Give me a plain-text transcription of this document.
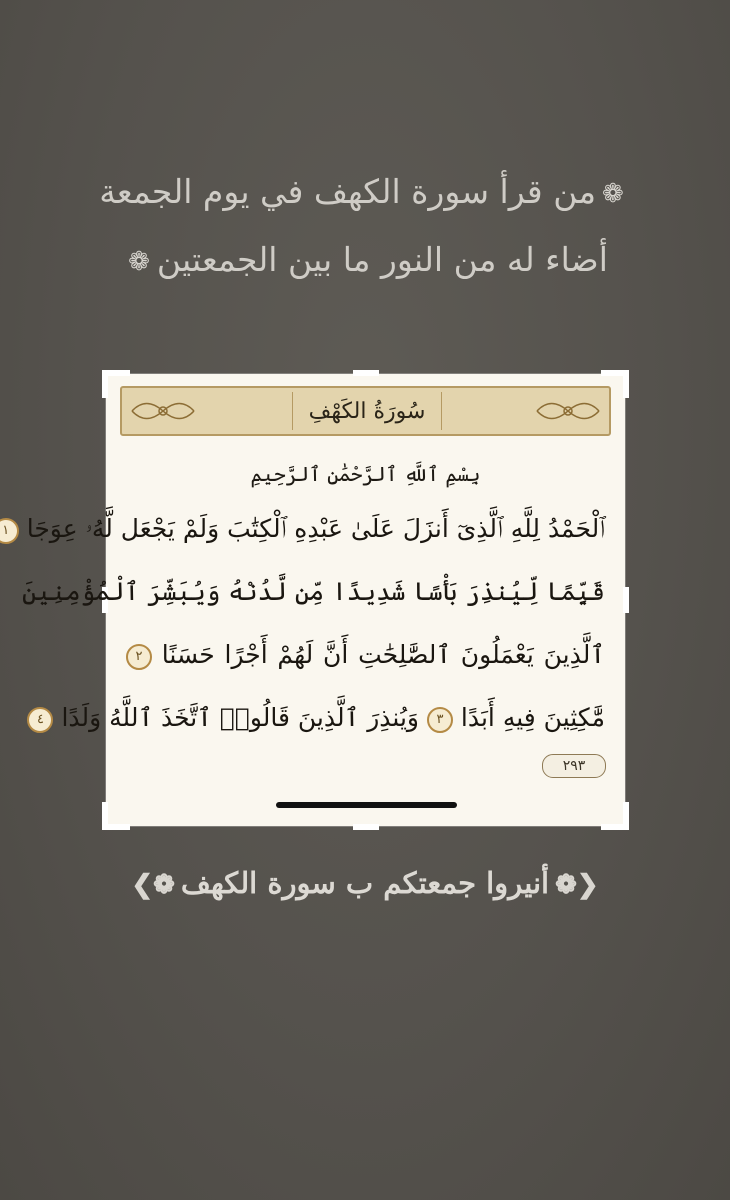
❁من قرأ سورة الكهف في يوم الجمعة
أضاء له من النور ما بين الجمعتين❁
سُورَةُ الكَهْفِ
بِسْمِ ٱللَّهِ ٱلرَّحْمَٰنِ ٱلرَّحِيمِ
ٱلْحَمْدُ لِلَّهِ ٱلَّذِىٓ أَنزَلَ عَلَىٰ عَبْدِهِ ٱلْكِتَٰبَ وَلَمْ يَجْعَل لَّهُۥ عِوَجَا ١
قَيِّمًا لِّيُنذِرَ بَأْسًا شَدِيدًا مِّن لَّدُنْهُ وَيُبَشِّرَ ٱلْمُؤْمِنِينَ
ٱلَّذِينَ يَعْمَلُونَ ٱلصَّٰلِحَٰتِ أَنَّ لَهُمْ أَجْرًا حَسَنًا ٢
مَّٰكِثِينَ فِيهِ أَبَدًا ٣ وَيُنذِرَ ٱلَّذِينَ قَالُوا۟ ٱتَّخَذَ ٱللَّهُ وَلَدًا ٤
٢٩٣
❮❁أنيروا جمعتكم ب سورة الكهف❁❯
